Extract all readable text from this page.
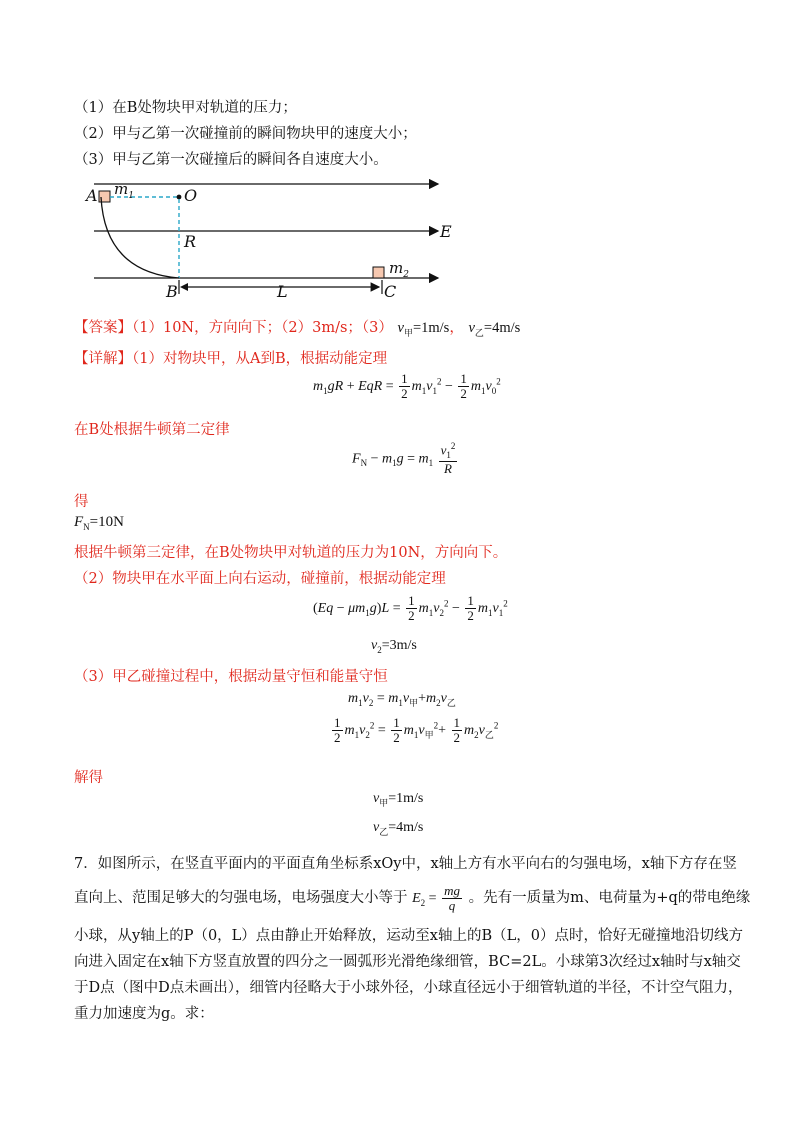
（1）在B处物块甲对轨道的压力；
（2）甲与乙第一次碰撞前的瞬间物块甲的速度大小；
（3）甲与乙第一次碰撞后的瞬间各自速度大小。
A $m_1$	O
R
E
B	L	C
$m_2$
【答案】（1）10N，方向向下；（2）3m/s；（3） $v_甲=1m/s$， $v_乙=4m/s$
【详解】（1）对物块甲，从A到B，根据动能定理
$m_1gR$ + EqR = $\frac{1}{2} m_1v_1^2 - \frac{1}{2} m_1v_0^2$
在B处根据牛顿第二定律
$F_N - m_1g = m_1 \frac{v_1^2}{R}$
得
$F_N=10N$
根据牛顿第三定律，在B处物块甲对轨道的压力为10N，方向向下。
（2）物块甲在水平面上向右运动，碰撞前，根据动能定理
$(Eq - \mu m_1g)L = \frac{1}{2} m_1v_2^2 - \frac{1}{2} m_1v_1^2$
$v_2=3m/s$
（3）甲乙碰撞过程中，根据动量守恒和能量守恒
$m_1v_2 = m_1v_甲+m_2v_乙$
$\frac{1}{2} m_1v_2^2 = \frac{1}{2} m_1v_甲^2+ \frac{1}{2} m_2v_乙^2$
解得
$v_甲=1m/s$
$v_乙=4m/s$
7．如图所示，在竖直平面内的平面直角坐标系xOy中，x轴上方有水平向右的匀强电场，x轴下方存在竖
直向上、范围足够大的匀强电场，电场强度大小等于 $E_2 = \frac{mg}{q}$ 。先有一质量为m、电荷量为+q的带电绝缘
小球，从y轴上的P（0，L）点由静止开始释放，运动至x轴上的B（L，0）点时，恰好无碰撞地沿切线方
向进入固定在x轴下方竖直放置的四分之一圆弧形光滑绝缘细管，BC=2L。小球第3次经过x轴时与x轴交
于D点（图中D点未画出），细管内径略大于小球外径，小球直径远小于细管轨道的半径，不计空气阻力，
重力加速度为g。求：
